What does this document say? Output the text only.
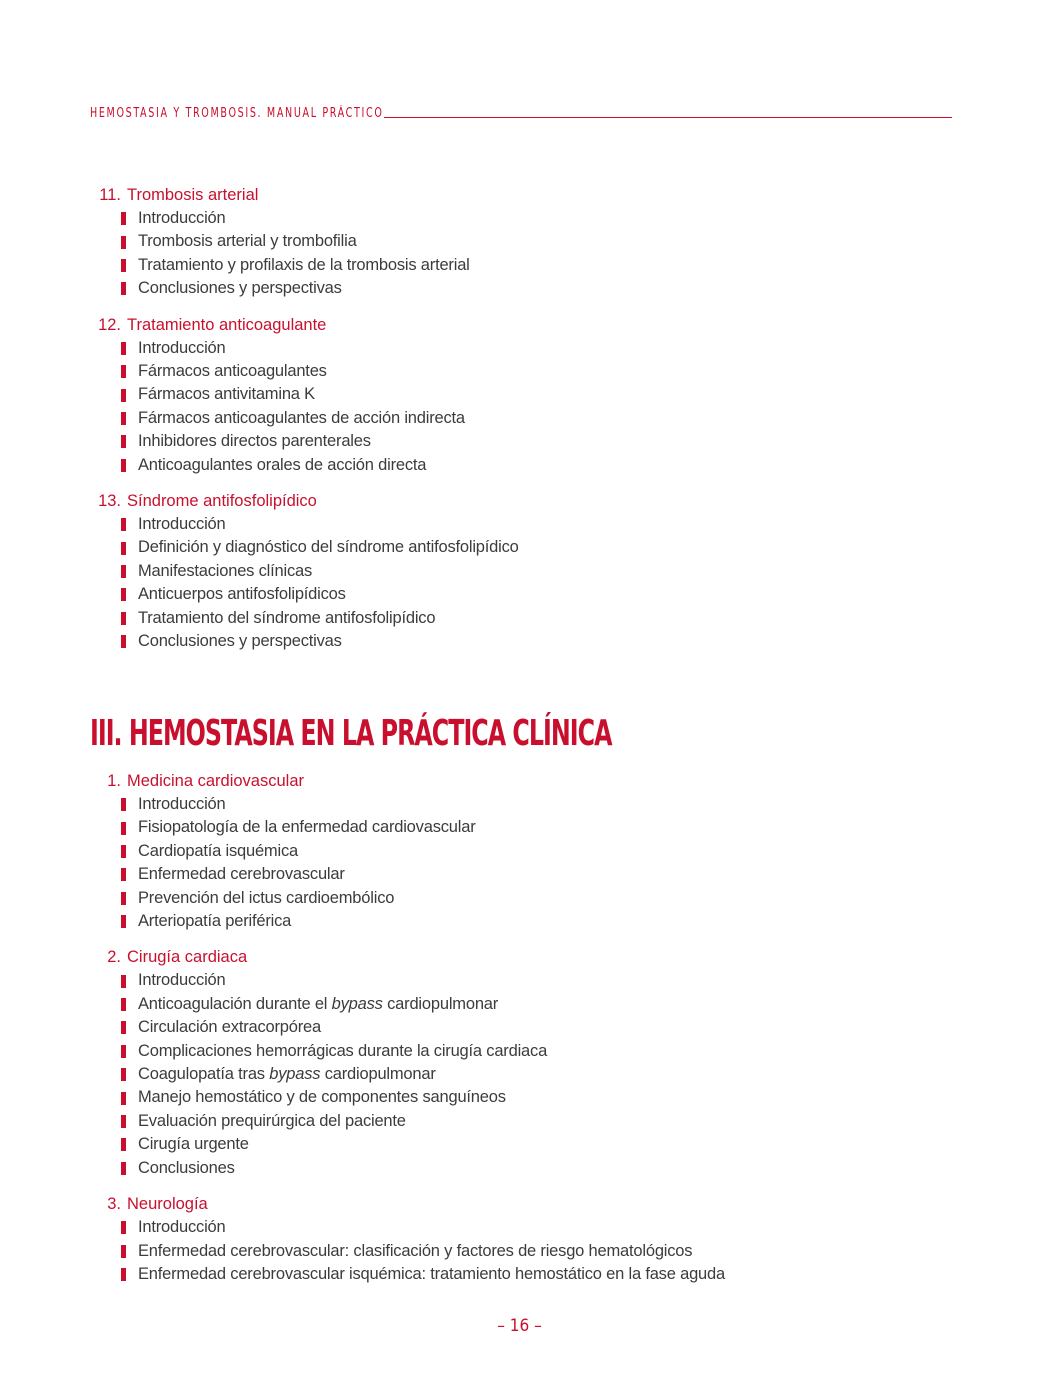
HEMOSTASIA Y TROMBOSIS. MANUAL PRÁCTICO
11. Trombosis arterial
Introducción
Trombosis arterial y trombofilia
Tratamiento y profilaxis de la trombosis arterial
Conclusiones y perspectivas
12. Tratamiento anticoagulante
Introducción
Fármacos anticoagulantes
Fármacos antivitamina K
Fármacos anticoagulantes de acción indirecta
Inhibidores directos parenterales
Anticoagulantes orales de acción directa
13. Síndrome antifosfolipídico
Introducción
Definición y diagnóstico del síndrome antifosfolipídico
Manifestaciones clínicas
Anticuerpos antifosfolipídicos
Tratamiento del síndrome antifosfolipídico
Conclusiones y perspectivas
III. HEMOSTASIA EN LA PRÁCTICA CLÍNICA
1. Medicina cardiovascular
Introducción
Fisiopatología de la enfermedad cardiovascular
Cardiopatía isquémica
Enfermedad cerebrovascular
Prevención del ictus cardioembólico
Arteriopatía periférica
2. Cirugía cardiaca
Introducción
Anticoagulación durante el bypass cardiopulmonar
Circulación extracorpórea
Complicaciones hemorrágicas durante la cirugía cardiaca
Coagulopatía tras bypass cardiopulmonar
Manejo hemostático y de componentes sanguíneos
Evaluación prequirúrgica del paciente
Cirugía urgente
Conclusiones
3. Neurología
Introducción
Enfermedad cerebrovascular: clasificación y factores de riesgo hematológicos
Enfermedad cerebrovascular isquémica: tratamiento hemostático en la fase aguda
– 16 –
